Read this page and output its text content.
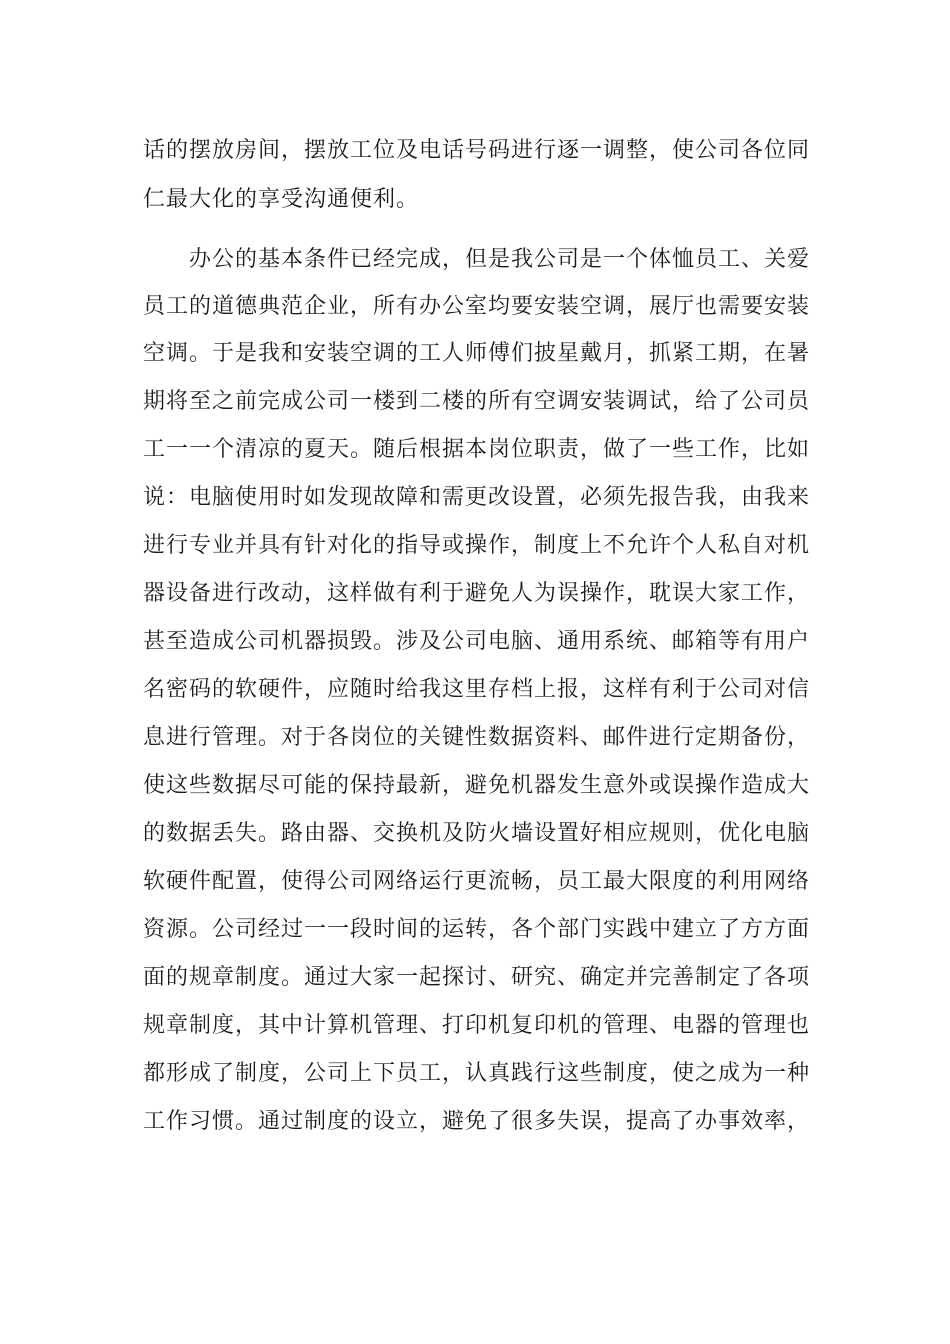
话的摆放房间，摆放工位及电话号码进行逐一调整，使公司各位同
仁最大化的享受沟通便利。
办公的基本条件已经完成，但是我公司是一个体恤员工、关爱
员工的道德典范企业，所有办公室均要安装空调，展厅也需要安装
空调。于是我和安装空调的工人师傅们披星戴月，抓紧工期，在暑
期将至之前完成公司一楼到二楼的所有空调安装调试，给了公司员
工一一个清凉的夏天。随后根据本岗位职责，做了一些工作，比如
说：电脑使用时如发现故障和需更改设置，必须先报告我，由我来
进行专业并具有针对化的指导或操作，制度上不允许个人私自对机
器设备进行改动，这样做有利于避免人为误操作，耽误大家工作，
甚至造成公司机器损毁。涉及公司电脑、通用系统、邮箱等有用户
名密码的软硬件，应随时给我这里存档上报，这样有利于公司对信
息进行管理。对于各岗位的关键性数据资料、邮件进行定期备份，
使这些数据尽可能的保持最新，避免机器发生意外或误操作造成大
的数据丢失。路由器、交换机及防火墙设置好相应规则，优化电脑
软硬件配置，使得公司网络运行更流畅，员工最大限度的利用网络
资源。公司经过一一段时间的运转，各个部门实践中建立了方方面
面的规章制度。通过大家一起探讨、研究、确定并完善制定了各项
规章制度，其中计算机管理、打印机复印机的管理、电器的管理也
都形成了制度，公司上下员工，认真践行这些制度，使之成为一种
工作习惯。通过制度的设立，避免了很多失误，提高了办事效率，
